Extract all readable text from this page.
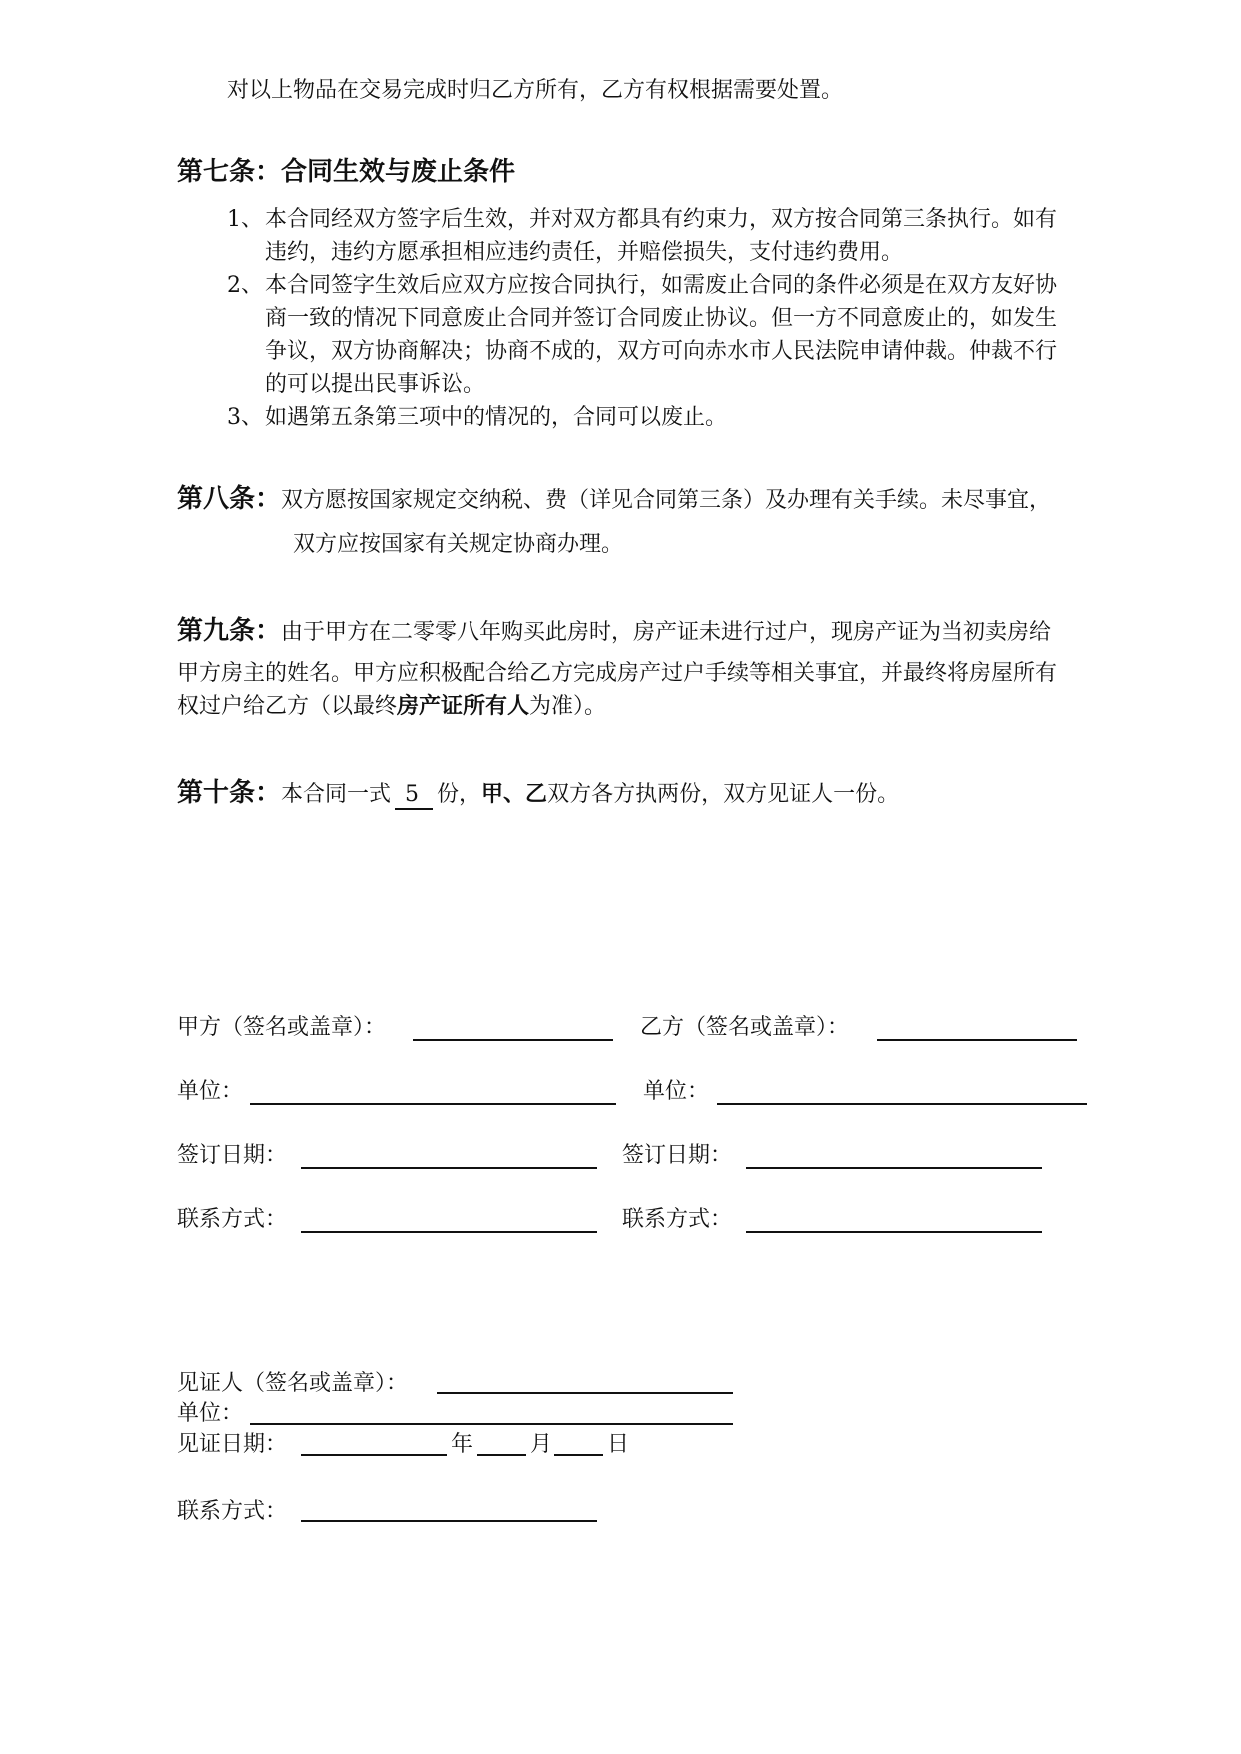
对以上物品在交易完成时归乙方所有，乙方有权根据需要处置。
第七条：合同生效与废止条件
1、 本合同经双方签字后生效，并对双方都具有约束力，双方按合同第三条执行。如有
违约，违约方愿承担相应违约责任，并赔偿损失，支付违约费用。
2、 本合同签字生效后应双方应按合同执行，如需废止合同的条件必须是在双方友好协
商一致的情况下同意废止合同并签订合同废止协议。但一方不同意废止的，如发生
争议，双方协商解决；协商不成的，双方可向赤水市人民法院申请仲裁。仲裁不行
的可以提出民事诉讼。
3、 如遇第五条第三项中的情况的，合同可以废止。
第八条：双方愿按国家规定交纳税、费（详见合同第三条）及办理有关手续。未尽事宜，
双方应按国家有关规定协商办理。
第九条：由于甲方在二零零八年购买此房时，房产证未进行过户，现房产证为当初卖房给
甲方房主的姓名。甲方应积极配合给乙方完成房产过户手续等相关事宜，并最终将房屋所有
权过户给乙方（以最终房产证所有人为准）。
第十条：本合同一式 5 份，甲、乙双方各方执两份，双方见证人一份。
甲方（签名或盖章）：	乙方（签名或盖章）：
单位：	单位：
签订日期：	签订日期：
联系方式：	联系方式：
见证人（签名或盖章）：
单位：
见证日期：	年	月 日
联系方式：
